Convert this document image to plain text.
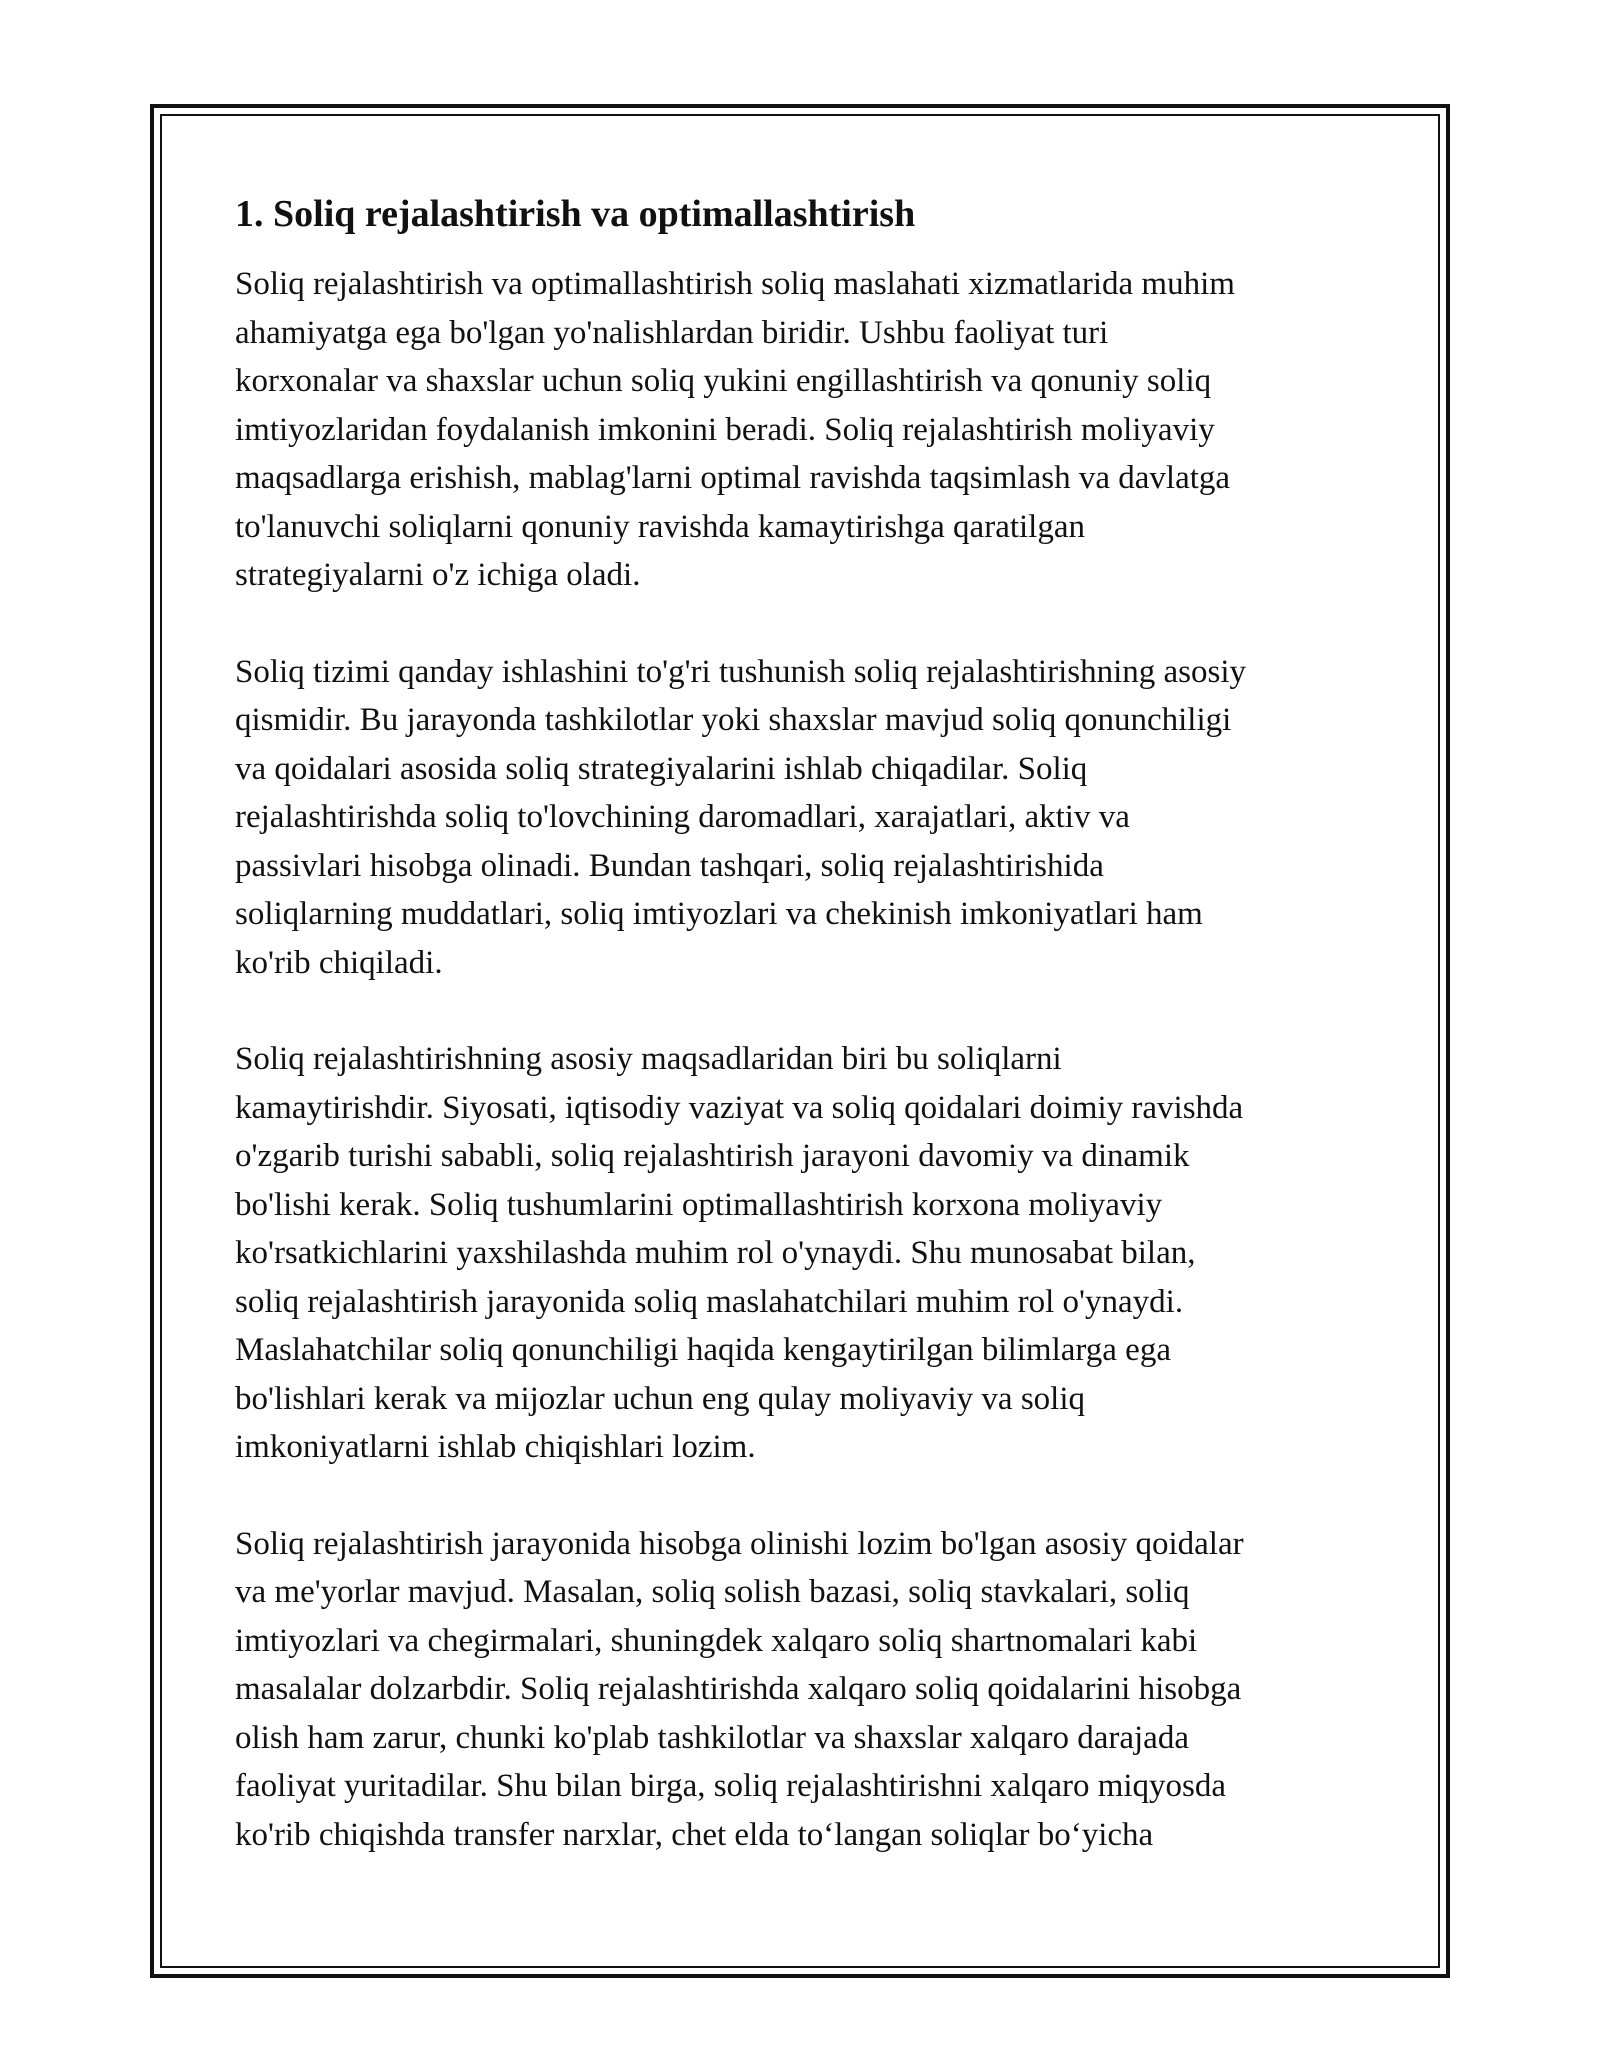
1. Soliq rejalashtirish va optimallashtirish

Soliq rejalashtirish va optimallashtirish soliq maslahati xizmatlarida muhim
ahamiyatga ega bo'lgan yo'nalishlardan biridir. Ushbu faoliyat turi
korxonalar va shaxslar uchun soliq yukini engillashtirish va qonuniy soliq
imtiyozlaridan foydalanish imkonini beradi. Soliq rejalashtirish moliyaviy
maqsadlarga erishish, mablag'larni optimal ravishda taqsimlash va davlatga
to'lanuvchi soliqlarni qonuniy ravishda kamaytirishga qaratilgan
strategiyalarni o'z ichiga oladi.

Soliq tizimi qanday ishlashini to'g'ri tushunish soliq rejalashtirishning asosiy
qismidir. Bu jarayonda tashkilotlar yoki shaxslar mavjud soliq qonunchiligi
va qoidalari asosida soliq strategiyalarini ishlab chiqadilar. Soliq
rejalashtirishda soliq to'lovchining daromadlari, xarajatlari, aktiv va
passivlari hisobga olinadi. Bundan tashqari, soliq rejalashtirishida
soliqlarning muddatlari, soliq imtiyozlari va chekinish imkoniyatlari ham
ko'rib chiqiladi.

Soliq rejalashtirishning asosiy maqsadlaridan biri bu soliqlarni
kamaytirishdir. Siyosati, iqtisodiy vaziyat va soliq qoidalari doimiy ravishda
o'zgarib turishi sababli, soliq rejalashtirish jarayoni davomiy va dinamik
bo'lishi kerak. Soliq tushumlarini optimallashtirish korxona moliyaviy
ko'rsatkichlarini yaxshilashda muhim rol o'ynaydi. Shu munosabat bilan,
soliq rejalashtirish jarayonida soliq maslahatchilari muhim rol o'ynaydi.
Maslahatchilar soliq qonunchiligi haqida kengaytirilgan bilimlarga ega
bo'lishlari kerak va mijozlar uchun eng qulay moliyaviy va soliq
imkoniyatlarni ishlab chiqishlari lozim.

Soliq rejalashtirish jarayonida hisobga olinishi lozim bo'lgan asosiy qoidalar
va me'yorlar mavjud. Masalan, soliq solish bazasi, soliq stavkalari, soliq
imtiyozlari va chegirmalari, shuningdek xalqaro soliq shartnomalari kabi
masalalar dolzarbdir. Soliq rejalashtirishda xalqaro soliq qoidalarini hisobga
olish ham zarur, chunki ko'plab tashkilotlar va shaxslar xalqaro darajada
faoliyat yuritadilar. Shu bilan birga, soliq rejalashtirishni xalqaro miqyosda
ko'rib chiqishda transfer narxlar, chet elda to‘langan soliqlar bo‘yicha
